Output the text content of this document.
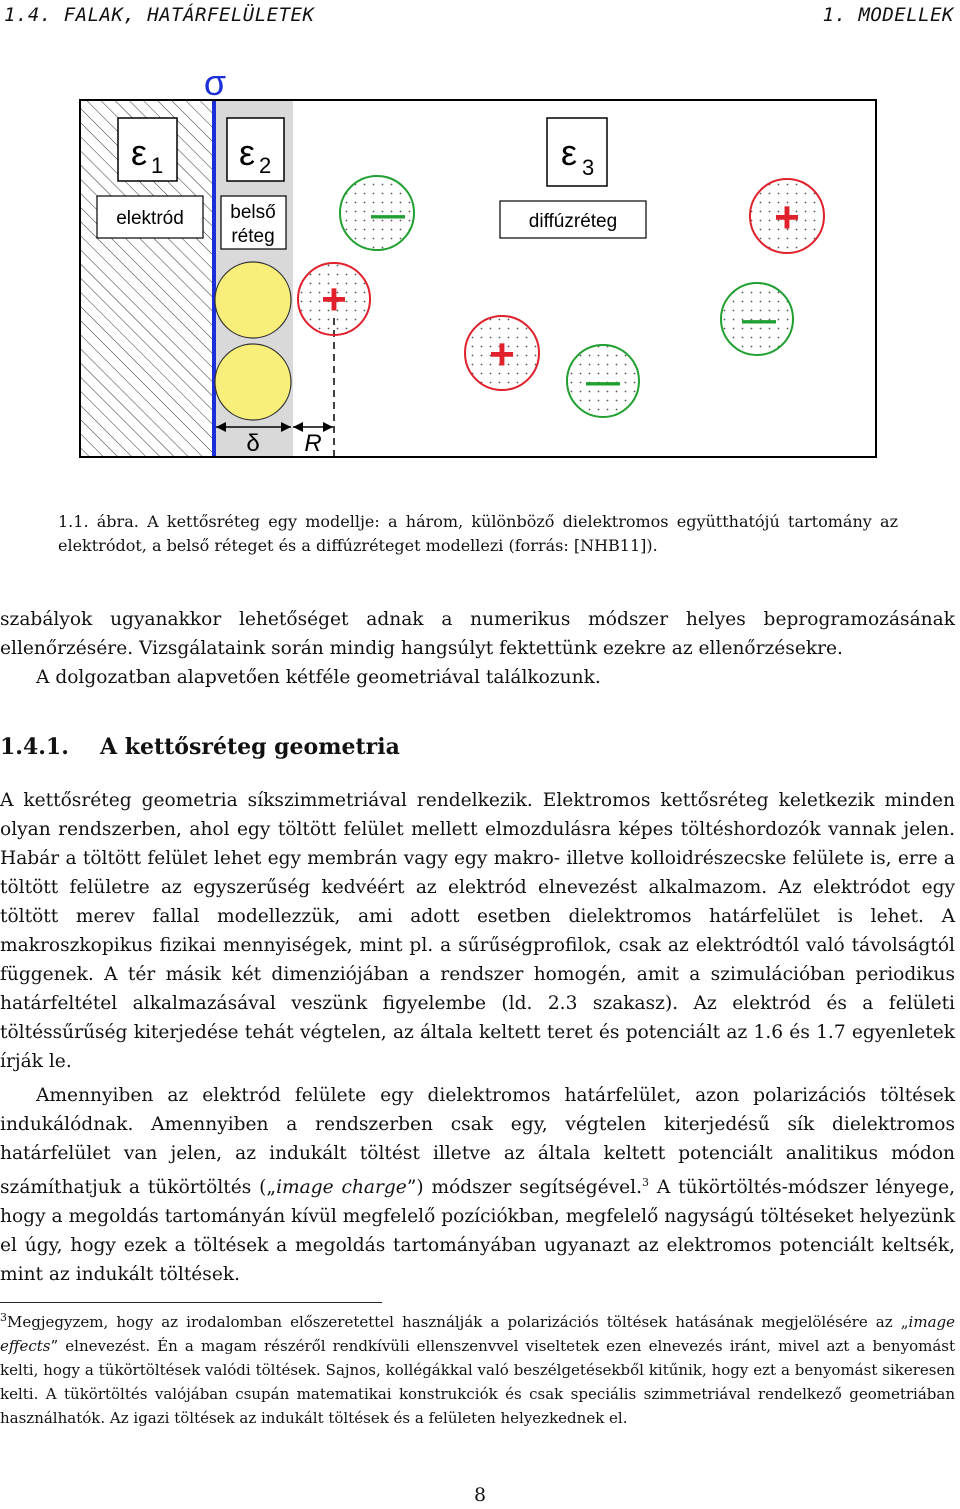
1.4. FALAK, HATÁRFELÜLETEK	1. MODELLEK
σ
ε 1 ε 2	ε 3
elektród belső
réteg
diffúzréteg
—
—
—
+
+
+
δ R
1.1. ábra. A kettősréteg egy modellje: a három, különböző dielektromos együtthatójú tartomány az elektródot, a belső réteget és a diffúzréteget modellezi (forrás: [NHB11]).
szabályok ugyanakkor lehetőséget adnak a numerikus módszer helyes beprogramozásának ellenőrzésére. Vizsgálataink során mindig hangsúlyt fektettünk ezekre az ellenőrzésekre.
A dolgozatban alapvetően kétféle geometriával találkozunk.
1.4.1. A kettősréteg geometria
A kettősréteg geometria síkszimmetriával rendelkezik. Elektromos kettősréteg keletkezik minden olyan rendszerben, ahol egy töltött felület mellett elmozdulásra képes töltéshordozók vannak jelen. Habár a töltött felület lehet egy membrán vagy egy makro- illetve kolloidrészecske felülete is, erre a töltött felületre az egyszerűség kedvéért az elektród elnevezést alkalmazom. Az elektródot egy töltött merev fallal modellezzük, ami adott esetben dielektromos határfelület is lehet. A makroszkopikus fizikai mennyiségek, mint pl. a sűrűségprofilok, csak az elektródtól való távolságtól függenek. A tér másik két dimenziójában a rendszer homogén, amit a szimulációban periodikus határfeltétel alkalmazásával veszünk figyelembe (ld. 2.3 szakasz). Az elektród és a felületi töltéssűrűség kiterjedése tehát végtelen, az általa keltett teret és potenciált az 1.6 és 1.7 egyenletek írják le.
Amennyiben az elektród felülete egy dielektromos határfelület, azon polarizációs töltések indukálódnak. Amennyiben a rendszerben csak egy, végtelen kiterjedésű sík dielektromos határfelület van jelen, az indukált töltést illetve az általa keltett potenciált analitikus módon számíthatjuk a tükörtöltés („image charge”) módszer segítségével.$^3$ A tükörtöltés-módszer lényege, hogy a megoldás tartományán kívül megfelelő pozíciókban, megfelelő nagyságú töltéseket helyezünk el úgy, hogy ezek a töltések a megoldás tartományában ugyanazt az elektromos potenciált keltsék, mint az indukált töltések.
$^3$Megjegyzem, hogy az irodalomban előszeretettel használják a polarizációs töltések hatásának megjelölésére az „image effects” elnevezést. Én a magam részéről rendkívüli ellenszenvvel viseltetek ezen elnevezés iránt, mivel azt a benyomást kelti, hogy a tükörtöltések valódi töltések. Sajnos, kollégákkal való beszélgetésekből kitűnik, hogy ezt a benyomást sikeresen kelti. A tükörtöltés valójában csupán matematikai konstrukciók és csak speciális szimmetriával rendelkező geometriában használhatók. Az igazi töltések az indukált töltések és a felületen helyezkednek el.
8
